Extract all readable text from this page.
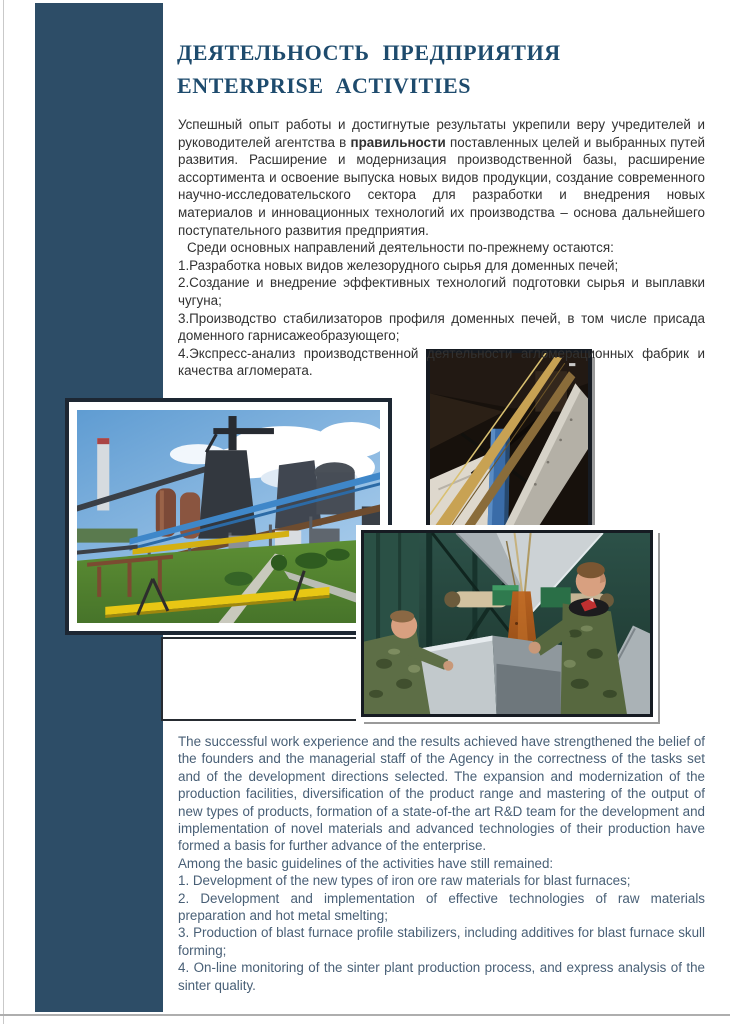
ДЕЯТЕЛЬНОСТЬ ПРЕДПРИЯТИЯ
ENTERPRISE ACTIVITIES
Успешный опыт работы и достигнутые результаты укрепили веру учредителей и руководителей агентства в правильности поставленных целей и выбранных путей развития. Расширение и модернизация производственной базы, расширение ассортимента и освоение выпуска новых видов продукции, создание современного научно-исследовательского сектора для разработки и внедрения новых материалов и инновационных технологий их производства – основа дальнейшего поступательного развития предприятия.
Среди основных направлений деятельности по-прежнему остаются:
1.Разработка новых видов железорудного сырья для доменных печей;
2.Создание и внедрение эффективных технологий подготовки сырья и выплавки чугуна;
3.Производство стабилизаторов профиля доменных печей, в том числе присада доменного гарнисажеобразующего;
4.Экспресс-анализ производственной деятельности агломерационных фабрик и качества агломерата.
The successful work experience and the results achieved have strengthened the belief of the founders and the managerial staff of the Agency in the correctness of the tasks set and of the development directions selected. The expansion and modernization of the production facilities, diversification of the product range and mastering of the output of new types of products, formation of a state-of-the art R&D team for the development and implementation of novel materials and advanced technologies of their production have formed a basis for further advance of the enterprise.
Among the basic guidelines of the activities have still remained:
1. Development of the new types of iron ore raw materials for blast furnaces;
2. Development and implementation of effective technologies of raw materials preparation and hot metal smelting;
3. Production of blast furnace profile stabilizers, including additives for blast furnace skull forming;
4. On-line monitoring of the sinter plant production process, and express analysis of the sinter quality.
